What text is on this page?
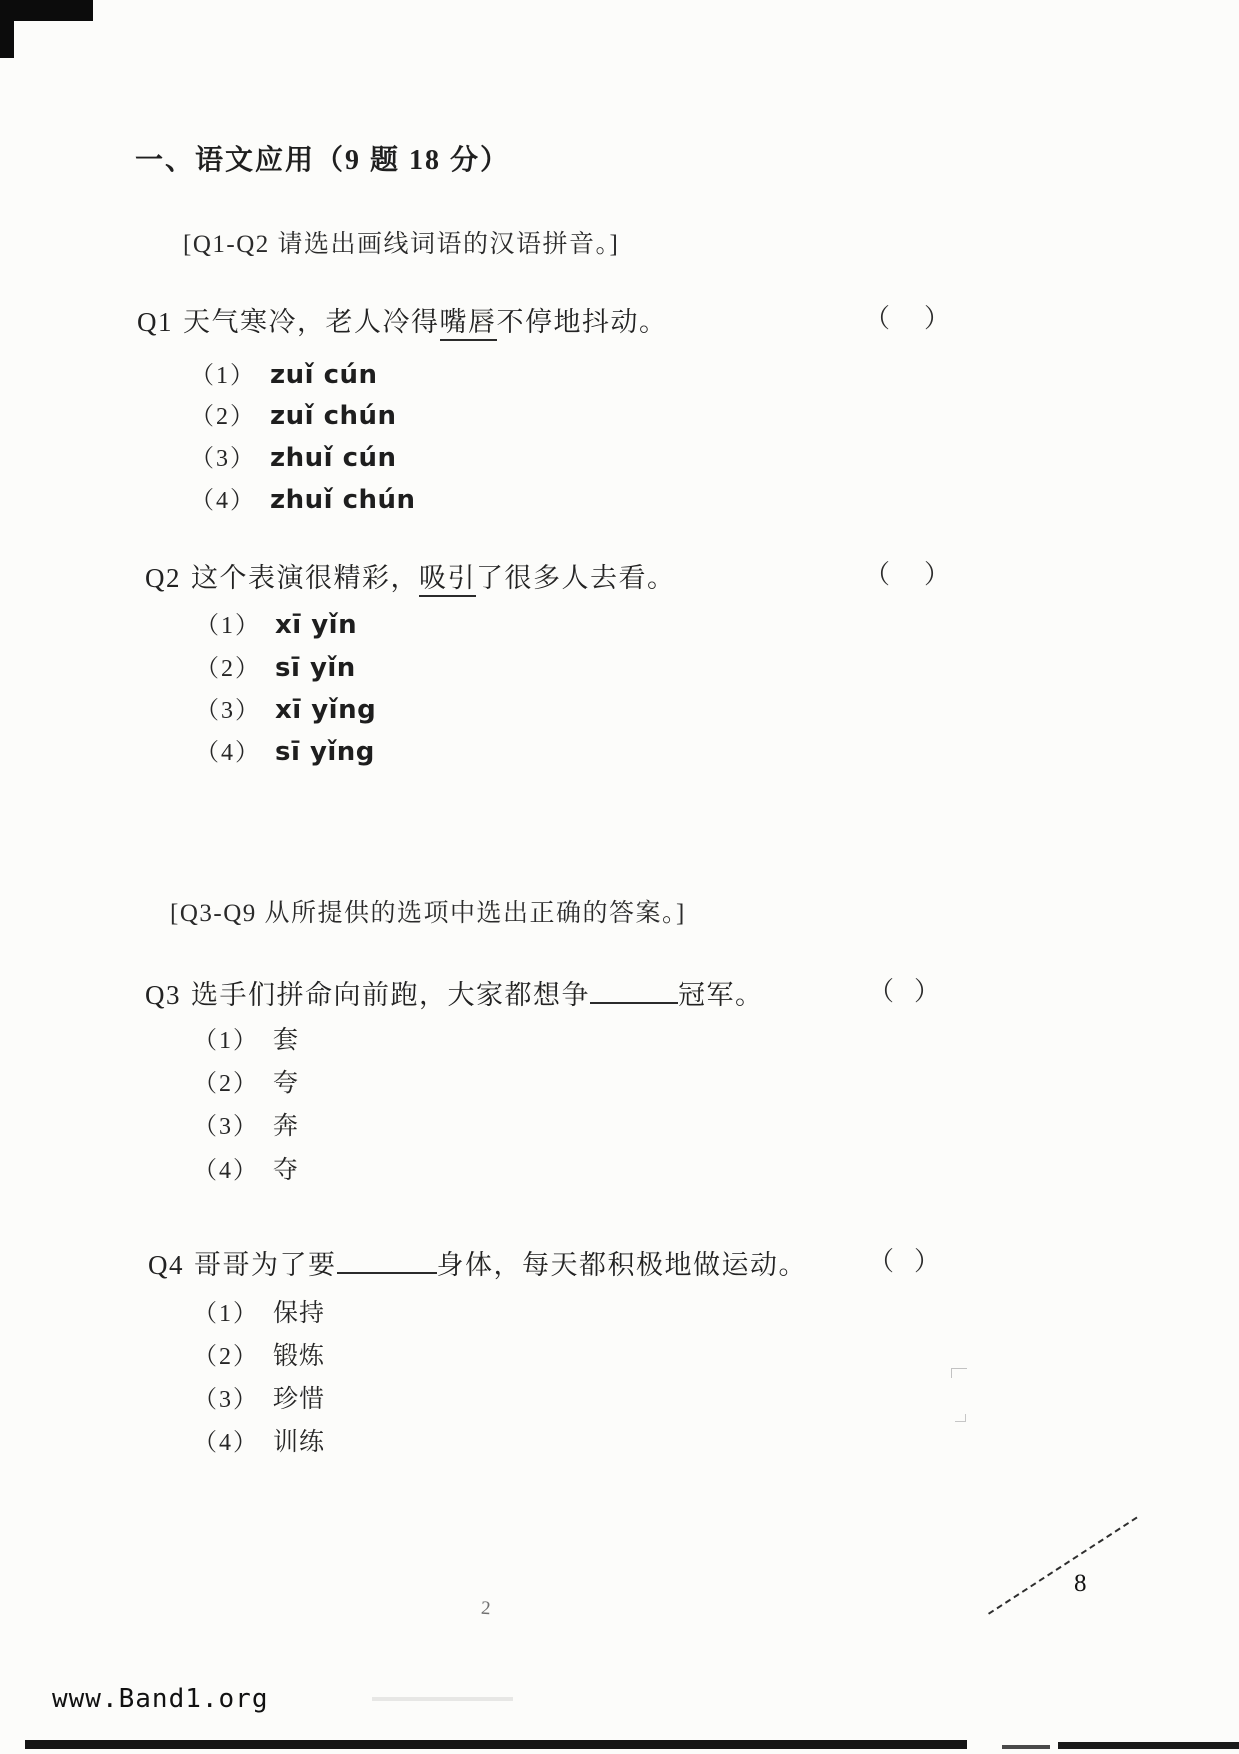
一、语文应用（9 题 18 分）
[Q1-Q2 请选出画线词语的汉语拼音。]
Q1 天气寒冷，老人冷得嘴唇不停地抖动。	（ ）
（1） zuǐ cún
（2） zuǐ chún
（3） zhuǐ cún
（4） zhuǐ chún
Q2 这个表演很精彩，吸引了很多人去看。	（ ）
（1） xī yǐn
（2） sī yǐn
（3） xī yǐng
（4） sī yǐng
[Q3-Q9 从所提供的选项中选出正确的答案。]
Q3 选手们拼命向前跑，大家都想争	冠军。	（ ）
（1） 套
（2） 夸
（3） 奔
（4） 夺
Q4 哥哥为了要	身体，每天都积极地做运动。 （ ）
（1） 保持
（2） 锻炼
（3） 珍惜
（4） 训练
2
8
www.Band1.org
